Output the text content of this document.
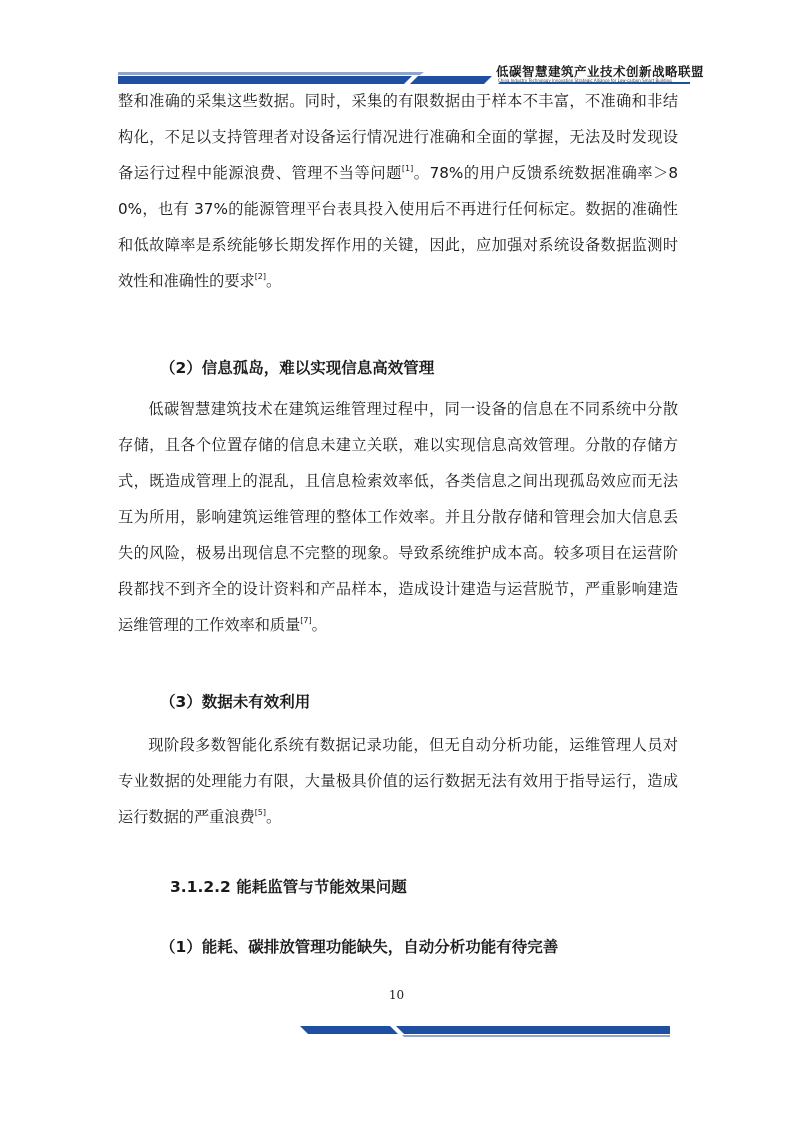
低碳智慧建筑产业技术创新战略联盟
China Industry Technology Innovation Strategic Alliance for Low-carbon Smart Building

整和准确的采集这些数据。同时，采集的有限数据由于样本不丰富，不准确和非结构化，不足以支持管理者对设备运行情况进行准确和全面的掌握，无法及时发现设备运行过程中能源浪费、管理不当等问题[1]。78%的用户反馈系统数据准确率＞80%，也有 37%的能源管理平台表具投入使用后不再进行任何标定。数据的准确性和低故障率是系统能够长期发挥作用的关键，因此，应加强对系统设备数据监测时效性和准确性的要求[2]。

（2）信息孤岛，难以实现信息高效管理

低碳智慧建筑技术在建筑运维管理过程中，同一设备的信息在不同系统中分散存储，且各个位置存储的信息未建立关联，难以实现信息高效管理。分散的存储方式，既造成管理上的混乱，且信息检索效率低，各类信息之间出现孤岛效应而无法互为所用，影响建筑运维管理的整体工作效率。并且分散存储和管理会加大信息丢失的风险，极易出现信息不完整的现象。导致系统维护成本高。较多项目在运营阶段都找不到齐全的设计资料和产品样本，造成设计建造与运营脱节，严重影响建造运维管理的工作效率和质量[7]。

（3）数据未有效利用

现阶段多数智能化系统有数据记录功能，但无自动分析功能，运维管理人员对专业数据的处理能力有限，大量极具价值的运行数据无法有效用于指导运行，造成运行数据的严重浪费[5]。

3.1.2.2 能耗监管与节能效果问题
（1）能耗、碳排放管理功能缺失，自动分析功能有待完善
10
